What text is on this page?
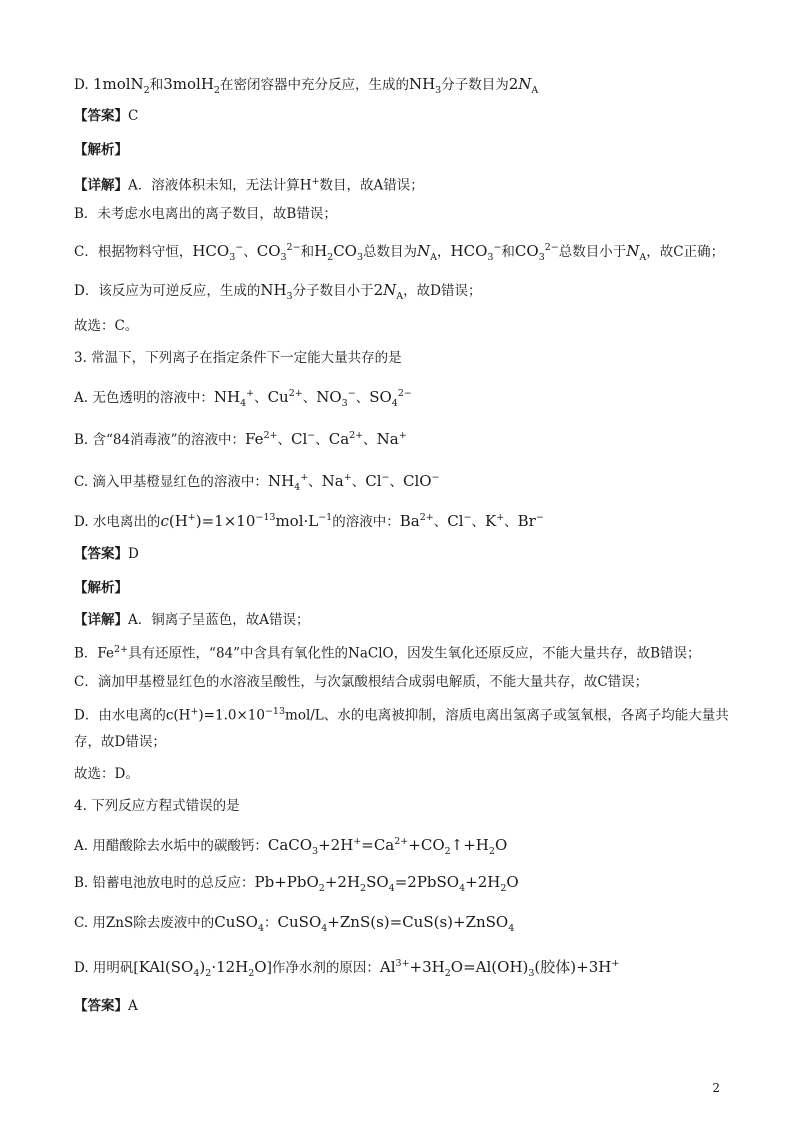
D. 1molN$_2$和3molH$_2$在密闭容器中充分反应，生成的$NH_3$分子数目为$2N_A$
【答案】C
【解析】
【详解】A．溶液体积未知，无法计算H+数目，故A错误；
B．未考虑水电离出的离子数目，故B错误；
C．根据物料守恒，$HCO_3^-$、$CO_3^{2-}$和$H_2CO_3$总数目为$N_A$，$HCO_3^-$和$CO_3^{2-}$总数目小于$N_A$，故C正确；
D．该反应为可逆反应，生成的$NH_3$分子数目小于$2N_A$，故D错误；
故选：C。
3. 常温下，下列离子在指定条件下一定能大量共存的是
A. 无色透明的溶液中：$NH_4^+$、$Cu^{2+}$、$NO_3^-$、$SO_4^{2-}$
B. 含“84消毒液”的溶液中：$Fe^{2+}$、Cl−、$Ca^{2+}$、Na+
C. 滴入甲基橙显红色的溶液中：$NH_4^+$、Na+、Cl−、ClO−
D. 水电离出的$c(H^+)=1\times 10^{-13}mol\cdot L^{-1}$的溶液中：$Ba^{2+}$、Cl−、K+、Br−
【答案】D
【解析】
【详解】A．铜离子呈蓝色，故A错误；
B．$Fe^{2+}$具有还原性，“84”中含具有氧化性的NaClO，因发生氧化还原反应，不能大量共存，故B错误；
C．滴加甲基橙显红色的水溶液呈酸性，与次氯酸根结合成弱电解质，不能大量共存，故C错误；
D．由水电离的$c(H^+)=1.0\times 10^{-13}mol/L$、水的电离被抑制，溶质电离出氢离子或氢氧根，各离子均能大量共
存，故D错误；
故选：D。
4. 下列反应方程式错误的是
A. 用醋酸除去水垢中的碳酸钙：$CaCO_3+2H^+=Ca^{2+}+CO_2↑+H_2O$
B. 铅蓄电池放电时的总反应：$Pb+PbO_2+2H_2SO_4=2PbSO_4+2H_2O$
C. 用ZnS除去废液中的CuSO$_4$：CuSO$_4$+ZnS(s)=CuS(s)+ZnSO$_4$
D. 用明矾$[KAl(SO_4)_2\cdot 12H_2O]$作净水剂的原因：$Al^{3+}+3H_2O=Al(OH)_3$(胶体)+3H+
【答案】A
2
